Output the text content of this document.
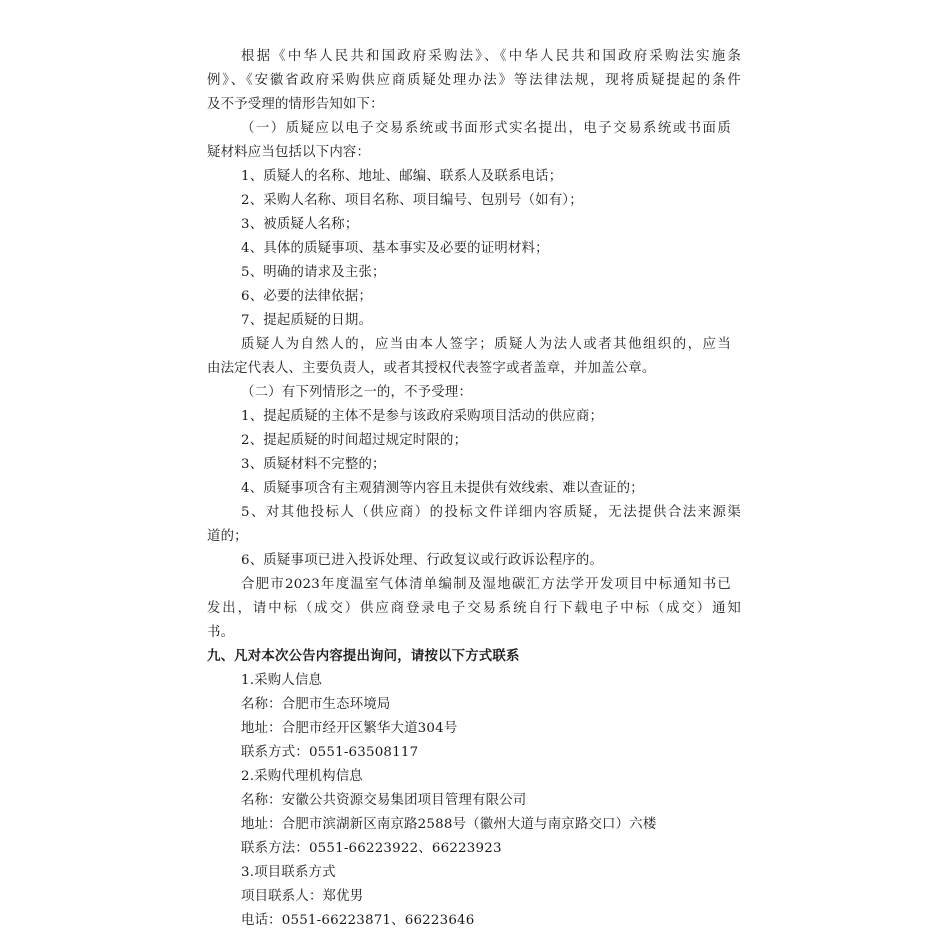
根据《中华人民共和国政府采购法》、《中华人民共和国政府采购法实施条
例》、《安徽省政府采购供应商质疑处理办法》等法律法规，现将质疑提起的条件
及不予受理的情形告知如下：
（一）质疑应以电子交易系统或书面形式实名提出，电子交易系统或书面质
疑材料应当包括以下内容：
1、质疑人的名称、地址、邮编、联系人及联系电话；
2、采购人名称、项目名称、项目编号、包别号（如有）；
3、被质疑人名称；
4、具体的质疑事项、基本事实及必要的证明材料；
5、明确的请求及主张；
6、必要的法律依据；
7、提起质疑的日期。
质疑人为自然人的，应当由本人签字；质疑人为法人或者其他组织的，应当
由法定代表人、主要负责人，或者其授权代表签字或者盖章，并加盖公章。
（二）有下列情形之一的，不予受理：
1、提起质疑的主体不是参与该政府采购项目活动的供应商；
2、提起质疑的时间超过规定时限的；
3、质疑材料不完整的；
4、质疑事项含有主观猜测等内容且未提供有效线索、难以查证的；
5、对其他投标人（供应商）的投标文件详细内容质疑，无法提供合法来源渠
道的；
6、质疑事项已进入投诉处理、行政复议或行政诉讼程序的。
合肥市2023年度温室气体清单编制及湿地碳汇方法学开发项目中标通知书已
发出，请中标（成交）供应商登录电子交易系统自行下载电子中标（成交）通知
书。
九、凡对本次公告内容提出询问，请按以下方式联系
1.采购人信息
名称：合肥市生态环境局
地址：合肥市经开区繁华大道304号
联系方式：0551-63508117
2.采购代理机构信息
名称：安徽公共资源交易集团项目管理有限公司
地址：合肥市滨湖新区南京路2588号（徽州大道与南京路交口）六楼
联系方法：0551-66223922、66223923
3.项目联系方式
项目联系人：郑优男
电话：0551-66223871、66223646
